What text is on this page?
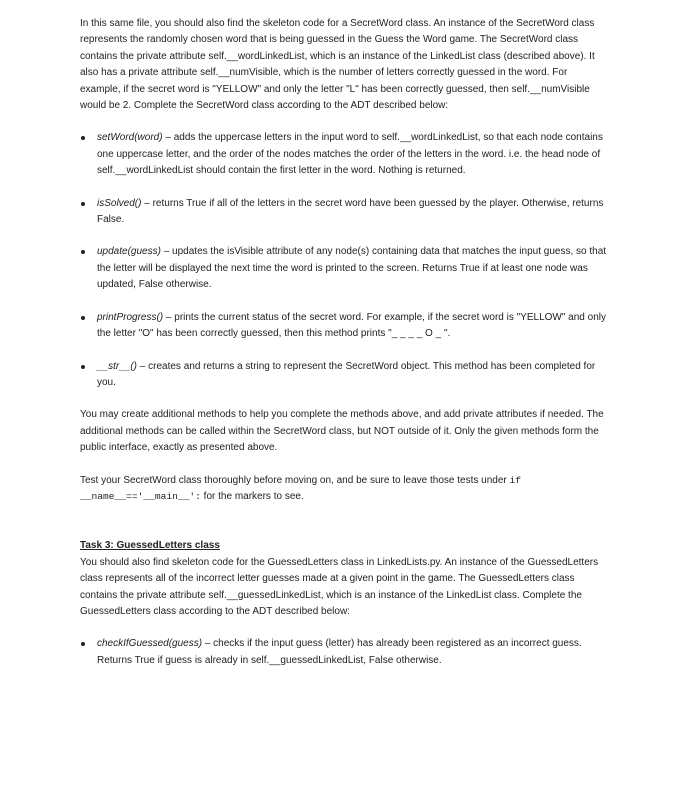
In this same file, you should also find the skeleton code for a SecretWord class. An instance of the SecretWord class represents the randomly chosen word that is being guessed in the Guess the Word game. The SecretWord class contains the private attribute self.__wordLinkedList, which is an instance of the LinkedList class (described above). It also has a private attribute self.__numVisible, which is the number of letters correctly guessed in the word. For example, if the secret word is "YELLOW" and only the letter "L" has been correctly guessed, then self.__numVisible would be 2. Complete the SecretWord class according to the ADT described below:

setWord(word) – adds the uppercase letters in the input word to self.__wordLinkedList, so that each node contains one uppercase letter, and the order of the nodes matches the order of the letters in the word. i.e. the head node of self.__wordLinkedList should contain the first letter in the word. Nothing is returned.
isSolved() – returns True if all of the letters in the secret word have been guessed by the player. Otherwise, returns False.
update(guess) – updates the isVisible attribute of any node(s) containing data that matches the input guess, so that the letter will be displayed the next time the word is printed to the screen. Returns True if at least one node was updated, False otherwise.
printProgress() – prints the current status of the secret word. For example, if the secret word is "YELLOW" and only the letter "O" has been correctly guessed, then this method prints "_ _ _ _ O _ ".
__str__() – creates and returns a string to represent the SecretWord object. This method has been completed for you.

You may create additional methods to help you complete the methods above, and add private attributes if needed. The additional methods can be called within the SecretWord class, but NOT outside of it. Only the given methods form the public interface, exactly as presented above.

Test your SecretWord class thoroughly before moving on, and be sure to leave those tests under if __name__=='__main__': for the markers to see.

Task 3: GuessedLetters class

You should also find skeleton code for the GuessedLetters class in LinkedLists.py. An instance of the GuessedLetters class represents all of the incorrect letter guesses made at a given point in the game. The GuessedLetters class contains the private attribute self.__guessedLinkedList, which is an instance of the LinkedList class. Complete the GuessedLetters class according to the ADT described below:

checkIfGuessed(guess) – checks if the input guess (letter) has already been registered as an incorrect guess. Returns True if guess is already in self.__guessedLinkedList, False otherwise.
